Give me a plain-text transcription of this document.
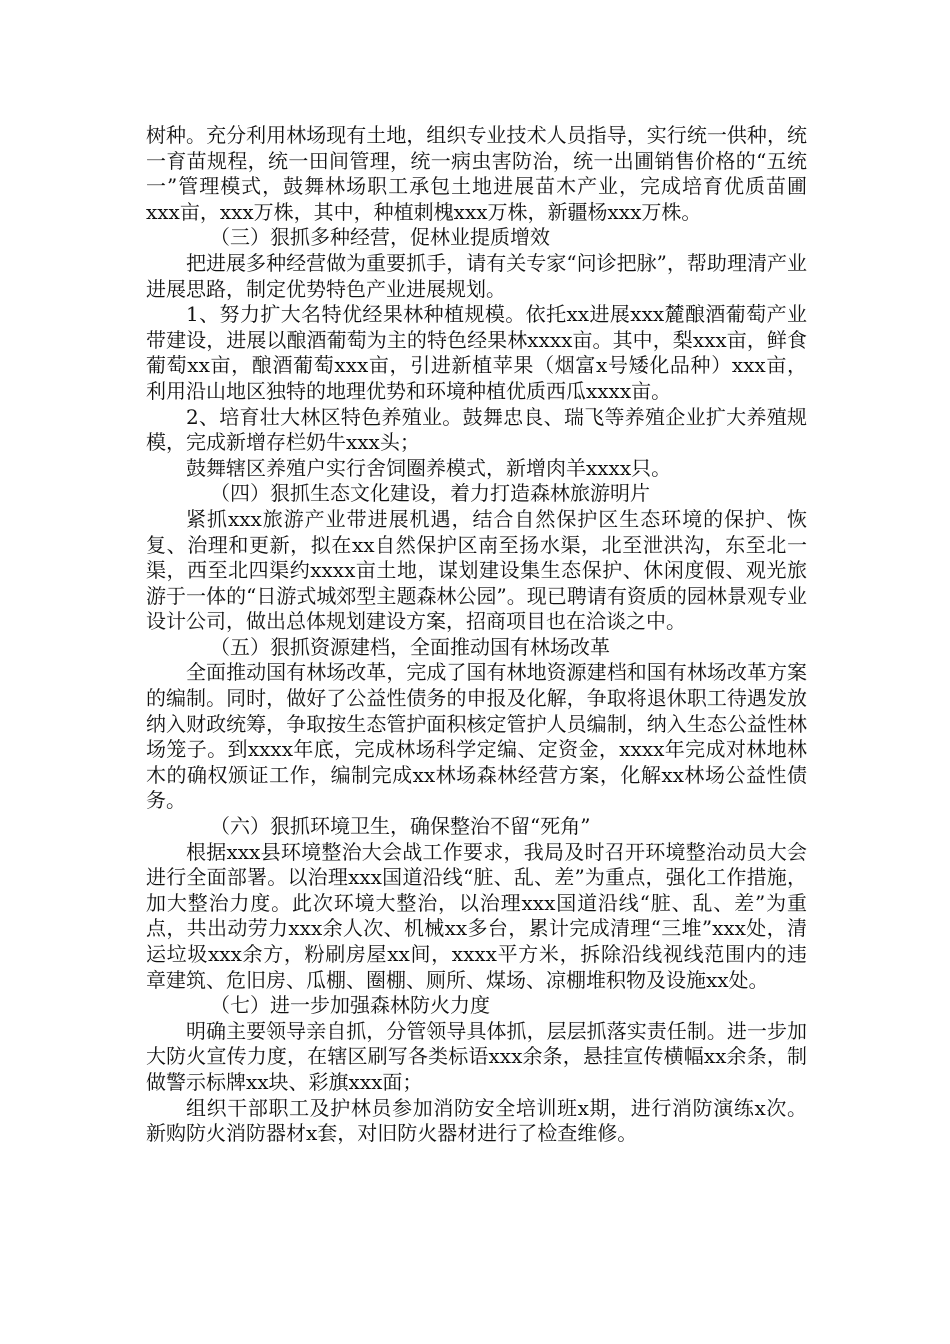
树种。充分利用林场现有土地，组织专业技术人员指导，实行统一供种，统一育苗规程，统一田间管理，统一病虫害防治，统一出圃销售价格的“五统一”管理模式，鼓舞林场职工承包土地进展苗木产业，完成培育优质苗圃xxx亩，xxx万株，其中，种植刺槐xxx万株，新疆杨xxx万株。

（三）狠抓多种经营，促林业提质增效

把进展多种经营做为重要抓手，请有关专家“问诊把脉”，帮助理清产业进展思路，制定优势特色产业进展规划。

1、努力扩大名特优经果林种植规模。依托xx进展xxx麓酿酒葡萄产业带建设，进展以酿酒葡萄为主的特色经果林xxxx亩。其中，梨xxx亩，鲜食葡萄xx亩，酿酒葡萄xxx亩，引进新植苹果（烟富x号矮化品种）xxx亩，利用沿山地区独特的地理优势和环境种植优质西瓜xxxx亩。

2、培育壮大林区特色养殖业。鼓舞忠良、瑞飞等养殖企业扩大养殖规模，完成新增存栏奶牛xxx头；

鼓舞辖区养殖户实行舍饲圈养模式，新增肉羊xxxx只。

（四）狠抓生态文化建设，着力打造森林旅游明片

紧抓xxx旅游产业带进展机遇，结合自然保护区生态环境的保护、恢复、治理和更新，拟在xx自然保护区南至扬水渠，北至泄洪沟，东至北一渠，西至北四渠约xxxx亩土地，谋划建设集生态保护、休闲度假、观光旅游于一体的“日游式城郊型主题森林公园”。现已聘请有资质的园林景观专业设计公司，做出总体规划建设方案，招商项目也在洽谈之中。

（五）狠抓资源建档，全面推动国有林场改革

全面推动国有林场改革，完成了国有林地资源建档和国有林场改革方案的编制。同时，做好了公益性债务的申报及化解，争取将退休职工待遇发放纳入财政统筹，争取按生态管护面积核定管护人员编制，纳入生态公益性林场笼子。到xxxx年底，完成林场科学定编、定资金，xxxx年完成对林地林木的确权颁证工作，编制完成xx林场森林经营方案，化解xx林场公益性债务。

（六）狠抓环境卫生，确保整治不留“死角”

根据xxx县环境整治大会战工作要求，我局及时召开环境整治动员大会进行全面部署。以治理xxx国道沿线“脏、乱、差”为重点，强化工作措施，加大整治力度。此次环境大整治，以治理xxx国道沿线“脏、乱、差”为重点，共出动劳力xxx余人次、机械xx多台，累计完成清理“三堆”xxx处，清运垃圾xxx余方，粉刷房屋xx间，xxxx平方米，拆除沿线视线范围内的违章建筑、危旧房、瓜棚、圈棚、厕所、煤场、凉棚堆积物及设施xx处。

（七）进一步加强森林防火力度

明确主要领导亲自抓，分管领导具体抓，层层抓落实责任制。进一步加大防火宣传力度，在辖区刷写各类标语xxx余条，悬挂宣传横幅xx余条，制做警示标牌xx块、彩旗xxx面；

组织干部职工及护林员参加消防安全培训班x期，进行消防演练x次。新购防火消防器材x套，对旧防火器材进行了检查维修。
